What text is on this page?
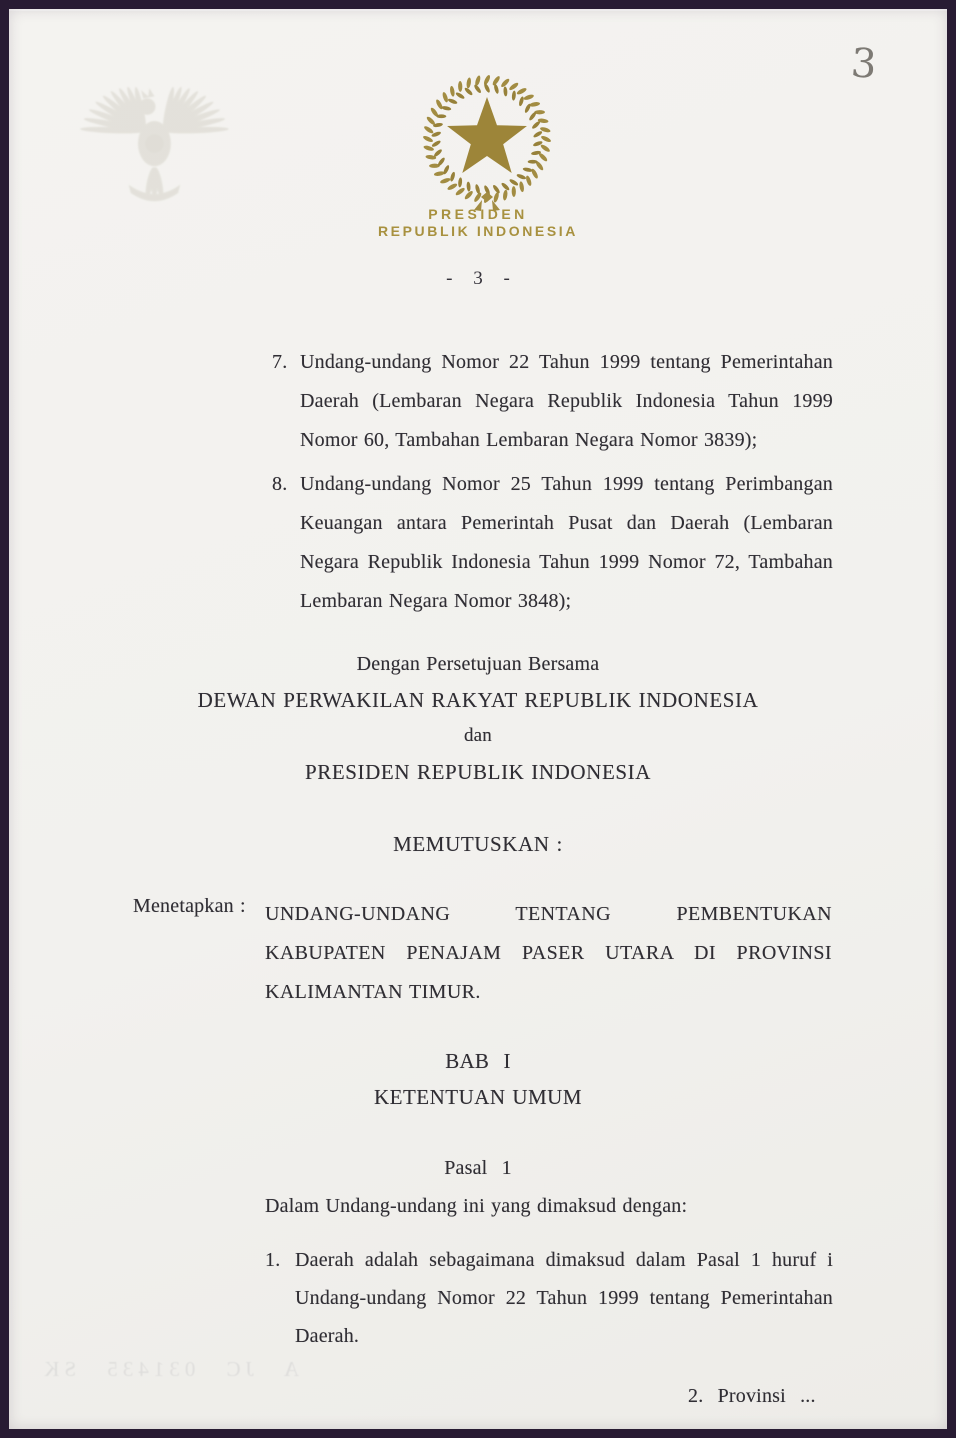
3
PRESIDEN
REPUBLIK INDONESIA
- 3 -
7. Undang-undang Nomor 22 Tahun 1999 tentang Pemerintahan
Daerah (Lembaran Negara Republik Indonesia Tahun 1999
Nomor 60, Tambahan Lembaran Negara Nomor 3839);
8. Undang-undang Nomor 25 Tahun 1999 tentang Perimbangan
Keuangan antara Pemerintah Pusat dan Daerah (Lembaran
Negara Republik Indonesia Tahun 1999 Nomor 72, Tambahan
Lembaran Negara Nomor 3848);
Dengan Persetujuan Bersama
DEWAN PERWAKILAN RAKYAT REPUBLIK INDONESIA
dan
PRESIDEN REPUBLIK INDONESIA
MEMUTUSKAN :
Menetapkan : UNDANG-UNDANG TENTANG PEMBENTUKAN
KABUPATEN PENAJAM PASER UTARA DI PROVINSI
KALIMANTAN TIMUR.
BAB I
KETENTUAN UMUM
Pasal 1
Dalam Undang-undang ini yang dimaksud dengan:
1. Daerah adalah sebagaimana dimaksud dalam Pasal 1 huruf i
Undang-undang Nomor 22 Tahun 1999 tentang Pemerintahan
Daerah.
A JC 031435 SK
2. Provinsi ...
